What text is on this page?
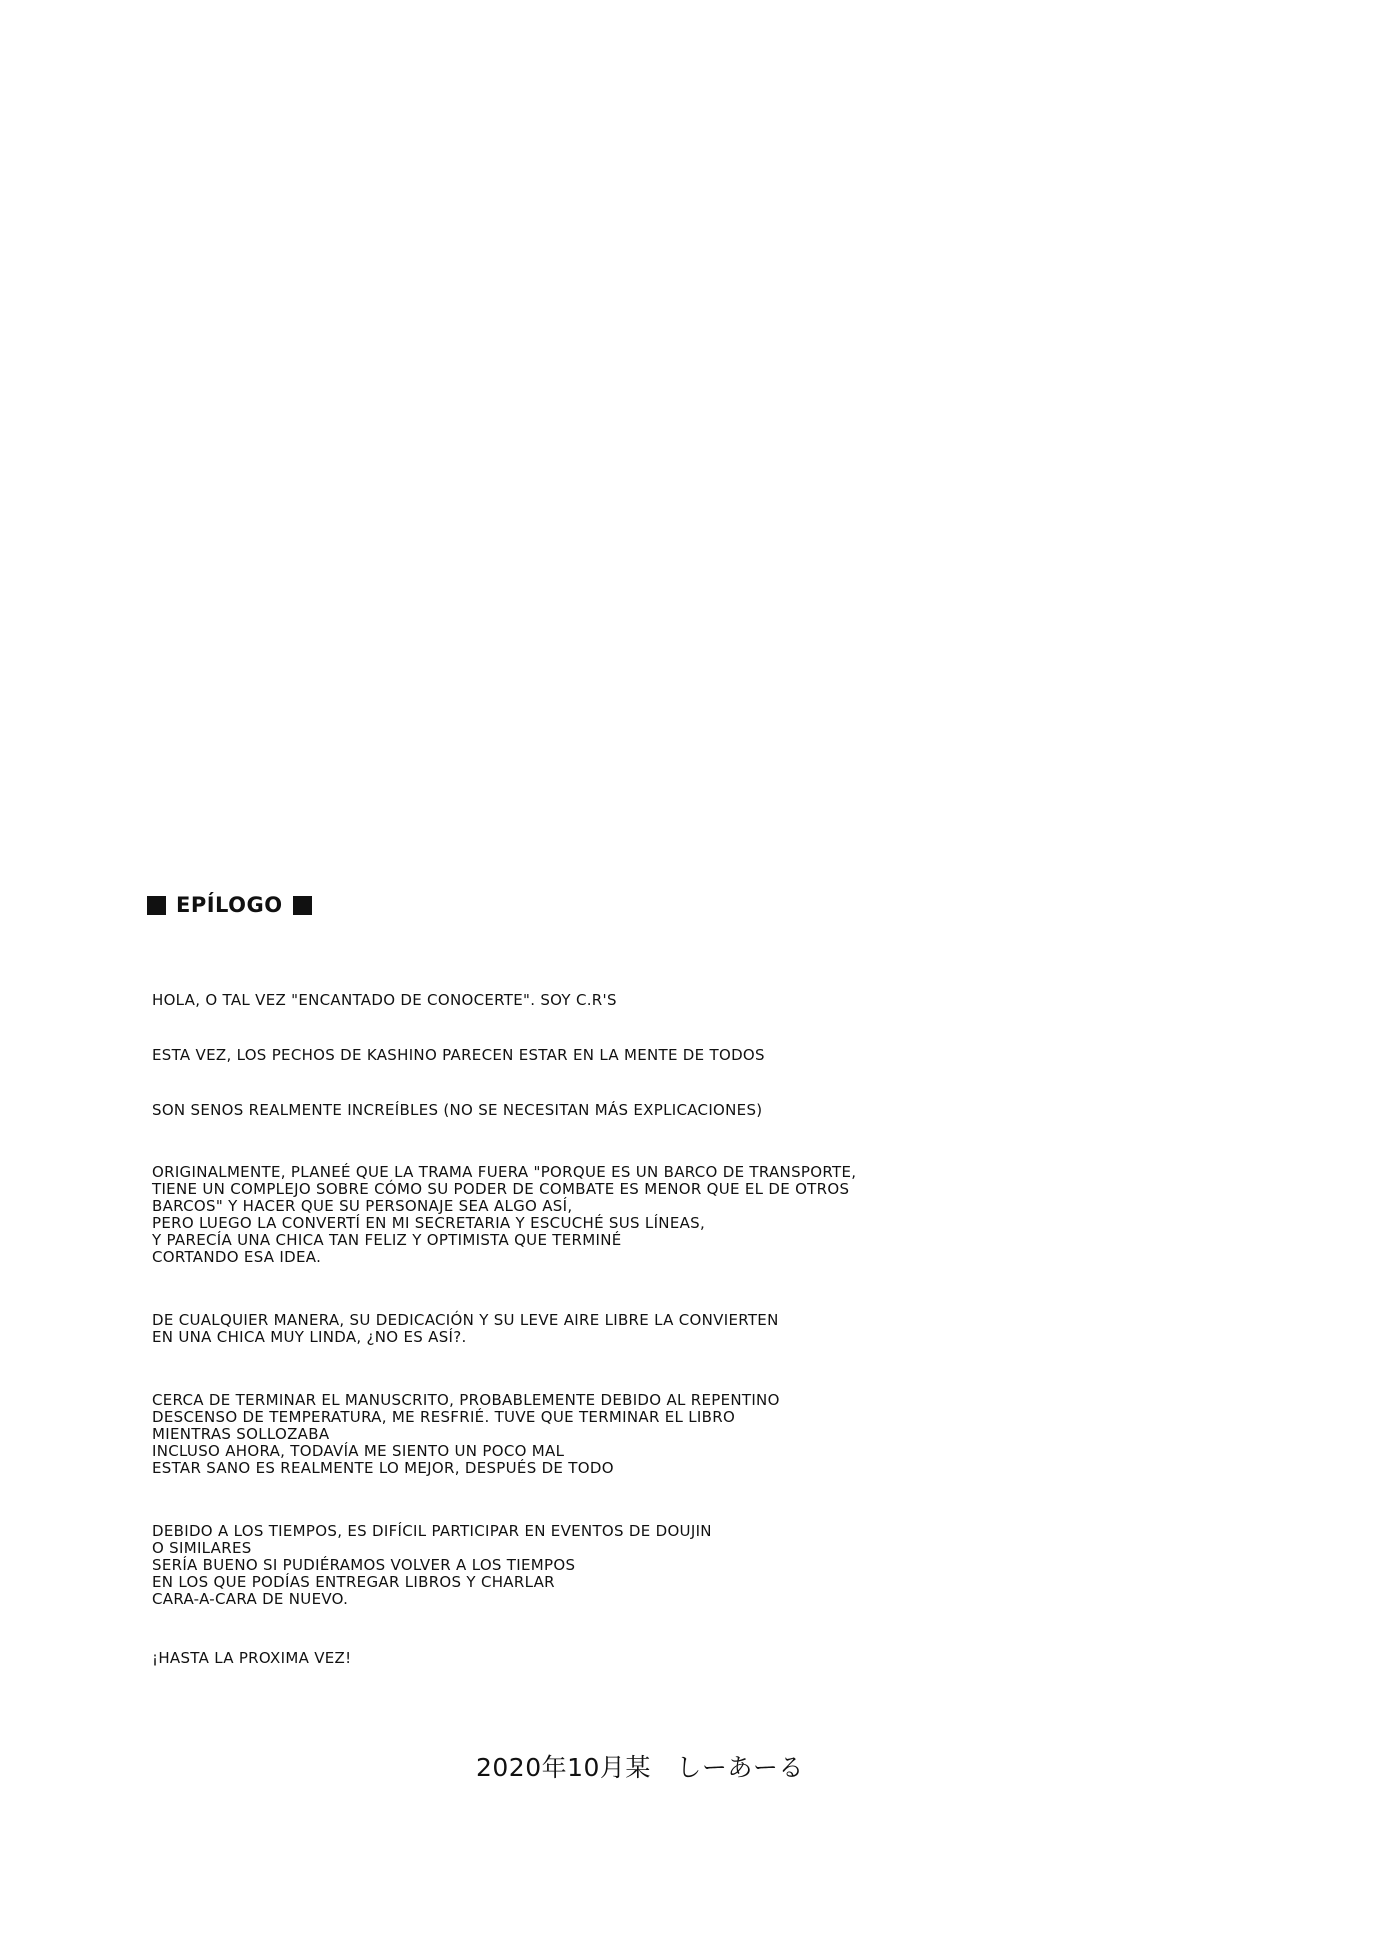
EPÍLOGO
HOLA, O TAL VEZ "ENCANTADO DE CONOCERTE". SOY C.R'S
ESTA VEZ, LOS PECHOS DE KASHINO PARECEN ESTAR EN LA MENTE DE TODOS
SON SENOS REALMENTE INCREÍBLES (NO SE NECESITAN MÁS EXPLICACIONES)
ORIGINALMENTE, PLANEÉ QUE LA TRAMA FUERA "PORQUE ES UN BARCO DE TRANSPORTE,
TIENE UN COMPLEJO SOBRE CÓMO SU PODER DE COMBATE ES MENOR QUE EL DE OTROS
BARCOS" Y HACER QUE SU PERSONAJE SEA ALGO ASÍ,
PERO LUEGO LA CONVERTÍ EN MI SECRETARIA Y ESCUCHÉ SUS LÍNEAS,
Y PARECÍA UNA CHICA TAN FELIZ Y OPTIMISTA QUE TERMINÉ
CORTANDO ESA IDEA.
DE CUALQUIER MANERA, SU DEDICACIÓN Y SU LEVE AIRE LIBRE LA CONVIERTEN
EN UNA CHICA MUY LINDA, ¿NO ES ASÍ?.
CERCA DE TERMINAR EL MANUSCRITO, PROBABLEMENTE DEBIDO AL REPENTINO
DESCENSO DE TEMPERATURA, ME RESFRIÉ. TUVE QUE TERMINAR EL LIBRO
MIENTRAS SOLLOZABA
INCLUSO AHORA, TODAVÍA ME SIENTO UN POCO MAL
ESTAR SANO ES REALMENTE LO MEJOR, DESPUÉS DE TODO
DEBIDO A LOS TIEMPOS, ES DIFÍCIL PARTICIPAR EN EVENTOS DE DOUJIN
O SIMILARES
SERÍA BUENO SI PUDIÉRAMOS VOLVER A LOS TIEMPOS
EN LOS QUE PODÍAS ENTREGAR LIBROS Y CHARLAR
CARA-A-CARA DE NUEVO.
¡HASTA LA PROXIMA VEZ!
2020年10月某　しーあーる
